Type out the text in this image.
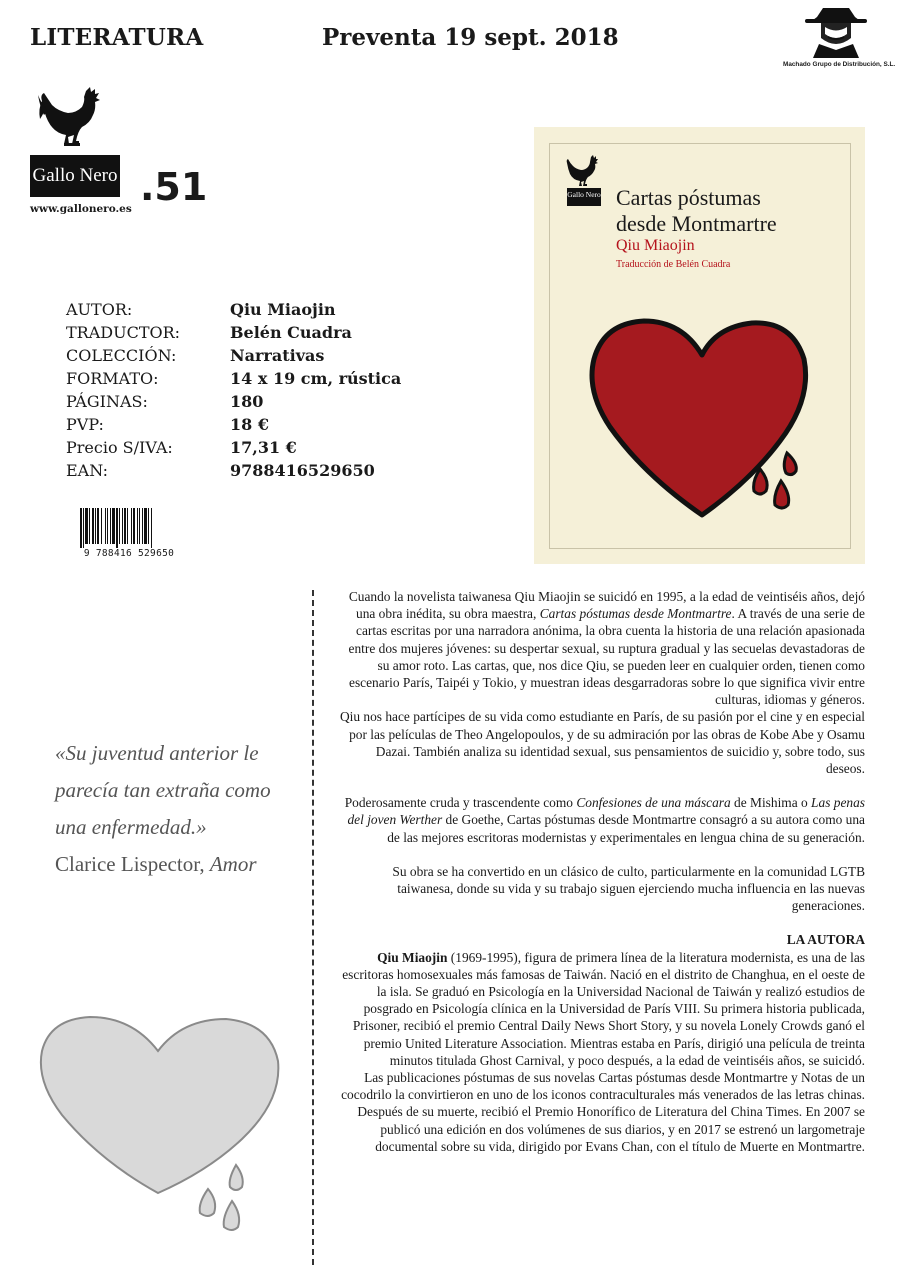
LITERATURA	Preventa 19 sept. 2018
Machado Grupo de Distribución, S.L.
Gallo Nero
www.gallonero.es .51
AUTOR:	Qiu Miaojin
TRADUCTOR:	Belén Cuadra
COLECCIÓN:	Narrativas
FORMATO:	14 x 19 cm, rústica
PÁGINAS:	180
PVP:	18 €
Precio S/IVA:	17,31 €
EAN:	9788416529650
9 788416 529650
Gallo Nero Cartas póstumas
desde Montmartre
Qiu Miaojin
Traducción de Belén Cuadra
«Su juventud anterior le parecía tan extraña como una enfermedad.»
Clarice Lispector, Amor

Cuando la novelista taiwanesa Qiu Miaojin se suicidó en 1995, a la edad de veintiséis años, dejó una obra inédita, su obra maestra, Cartas póstumas desde Montmartre. A través de una serie de cartas escritas por una narradora anónima, la obra cuenta la historia de una relación apasionada entre dos mujeres jóvenes: su despertar sexual, su ruptura gradual y las secuelas devastadoras de su amor roto. Las cartas, que, nos dice Qiu, se pueden leer en cualquier orden, tienen como escenario París, Taipéi y Tokio, y muestran ideas desgarradoras sobre lo que significa vivir entre culturas, idiomas y géneros.

Qiu nos hace partícipes de su vida como estudiante en París, de su pasión por el cine y en especial por las películas de Theo Angelopoulos, y de su admiración por las obras de Kobe Abe y Osamu Dazai. También analiza su identidad sexual, sus pensamientos de suicidio y, sobre todo, sus deseos.

Poderosamente cruda y trascendente como Confesiones de una máscara de Mishima o Las penas del joven Werther de Goethe, Cartas póstumas desde Montmartre consagró a su autora como una de las mejores escritoras modernistas y experimentales en lengua china de su generación.

Su obra se ha convertido en un clásico de culto, particularmente en la comunidad LGTB taiwanesa, donde su vida y su trabajo siguen ejerciendo mucha influencia en las nuevas generaciones.

LA AUTORA

Qiu Miaojin (1969-1995), figura de primera línea de la literatura modernista, es una de las escritoras homosexuales más famosas de Taiwán. Nació en el distrito de Changhua, en el oeste de la isla. Se graduó en Psicología en la Universidad Nacional de Taiwán y realizó estudios de posgrado en Psicología clínica en la Universidad de París VIII. Su primera historia publicada, Prisoner, recibió el premio Central Daily News Short Story, y su novela Lonely Crowds ganó el premio United Literature Association. Mientras estaba en París, dirigió una película de treinta minutos titulada Ghost Carnival, y poco después, a la edad de veintiséis años, se suicidó.

Las publicaciones póstumas de sus novelas Cartas póstumas desde Montmartre y Notas de un cocodrilo la convirtieron en uno de los iconos contraculturales más venerados de las letras chinas. Después de su muerte, recibió el Premio Honorífico de Literatura del China Times. En 2007 se publicó una edición en dos volúmenes de sus diarios, y en 2017 se estrenó un largometraje documental sobre su vida, dirigido por Evans Chan, con el título de Muerte en Montmartre.
